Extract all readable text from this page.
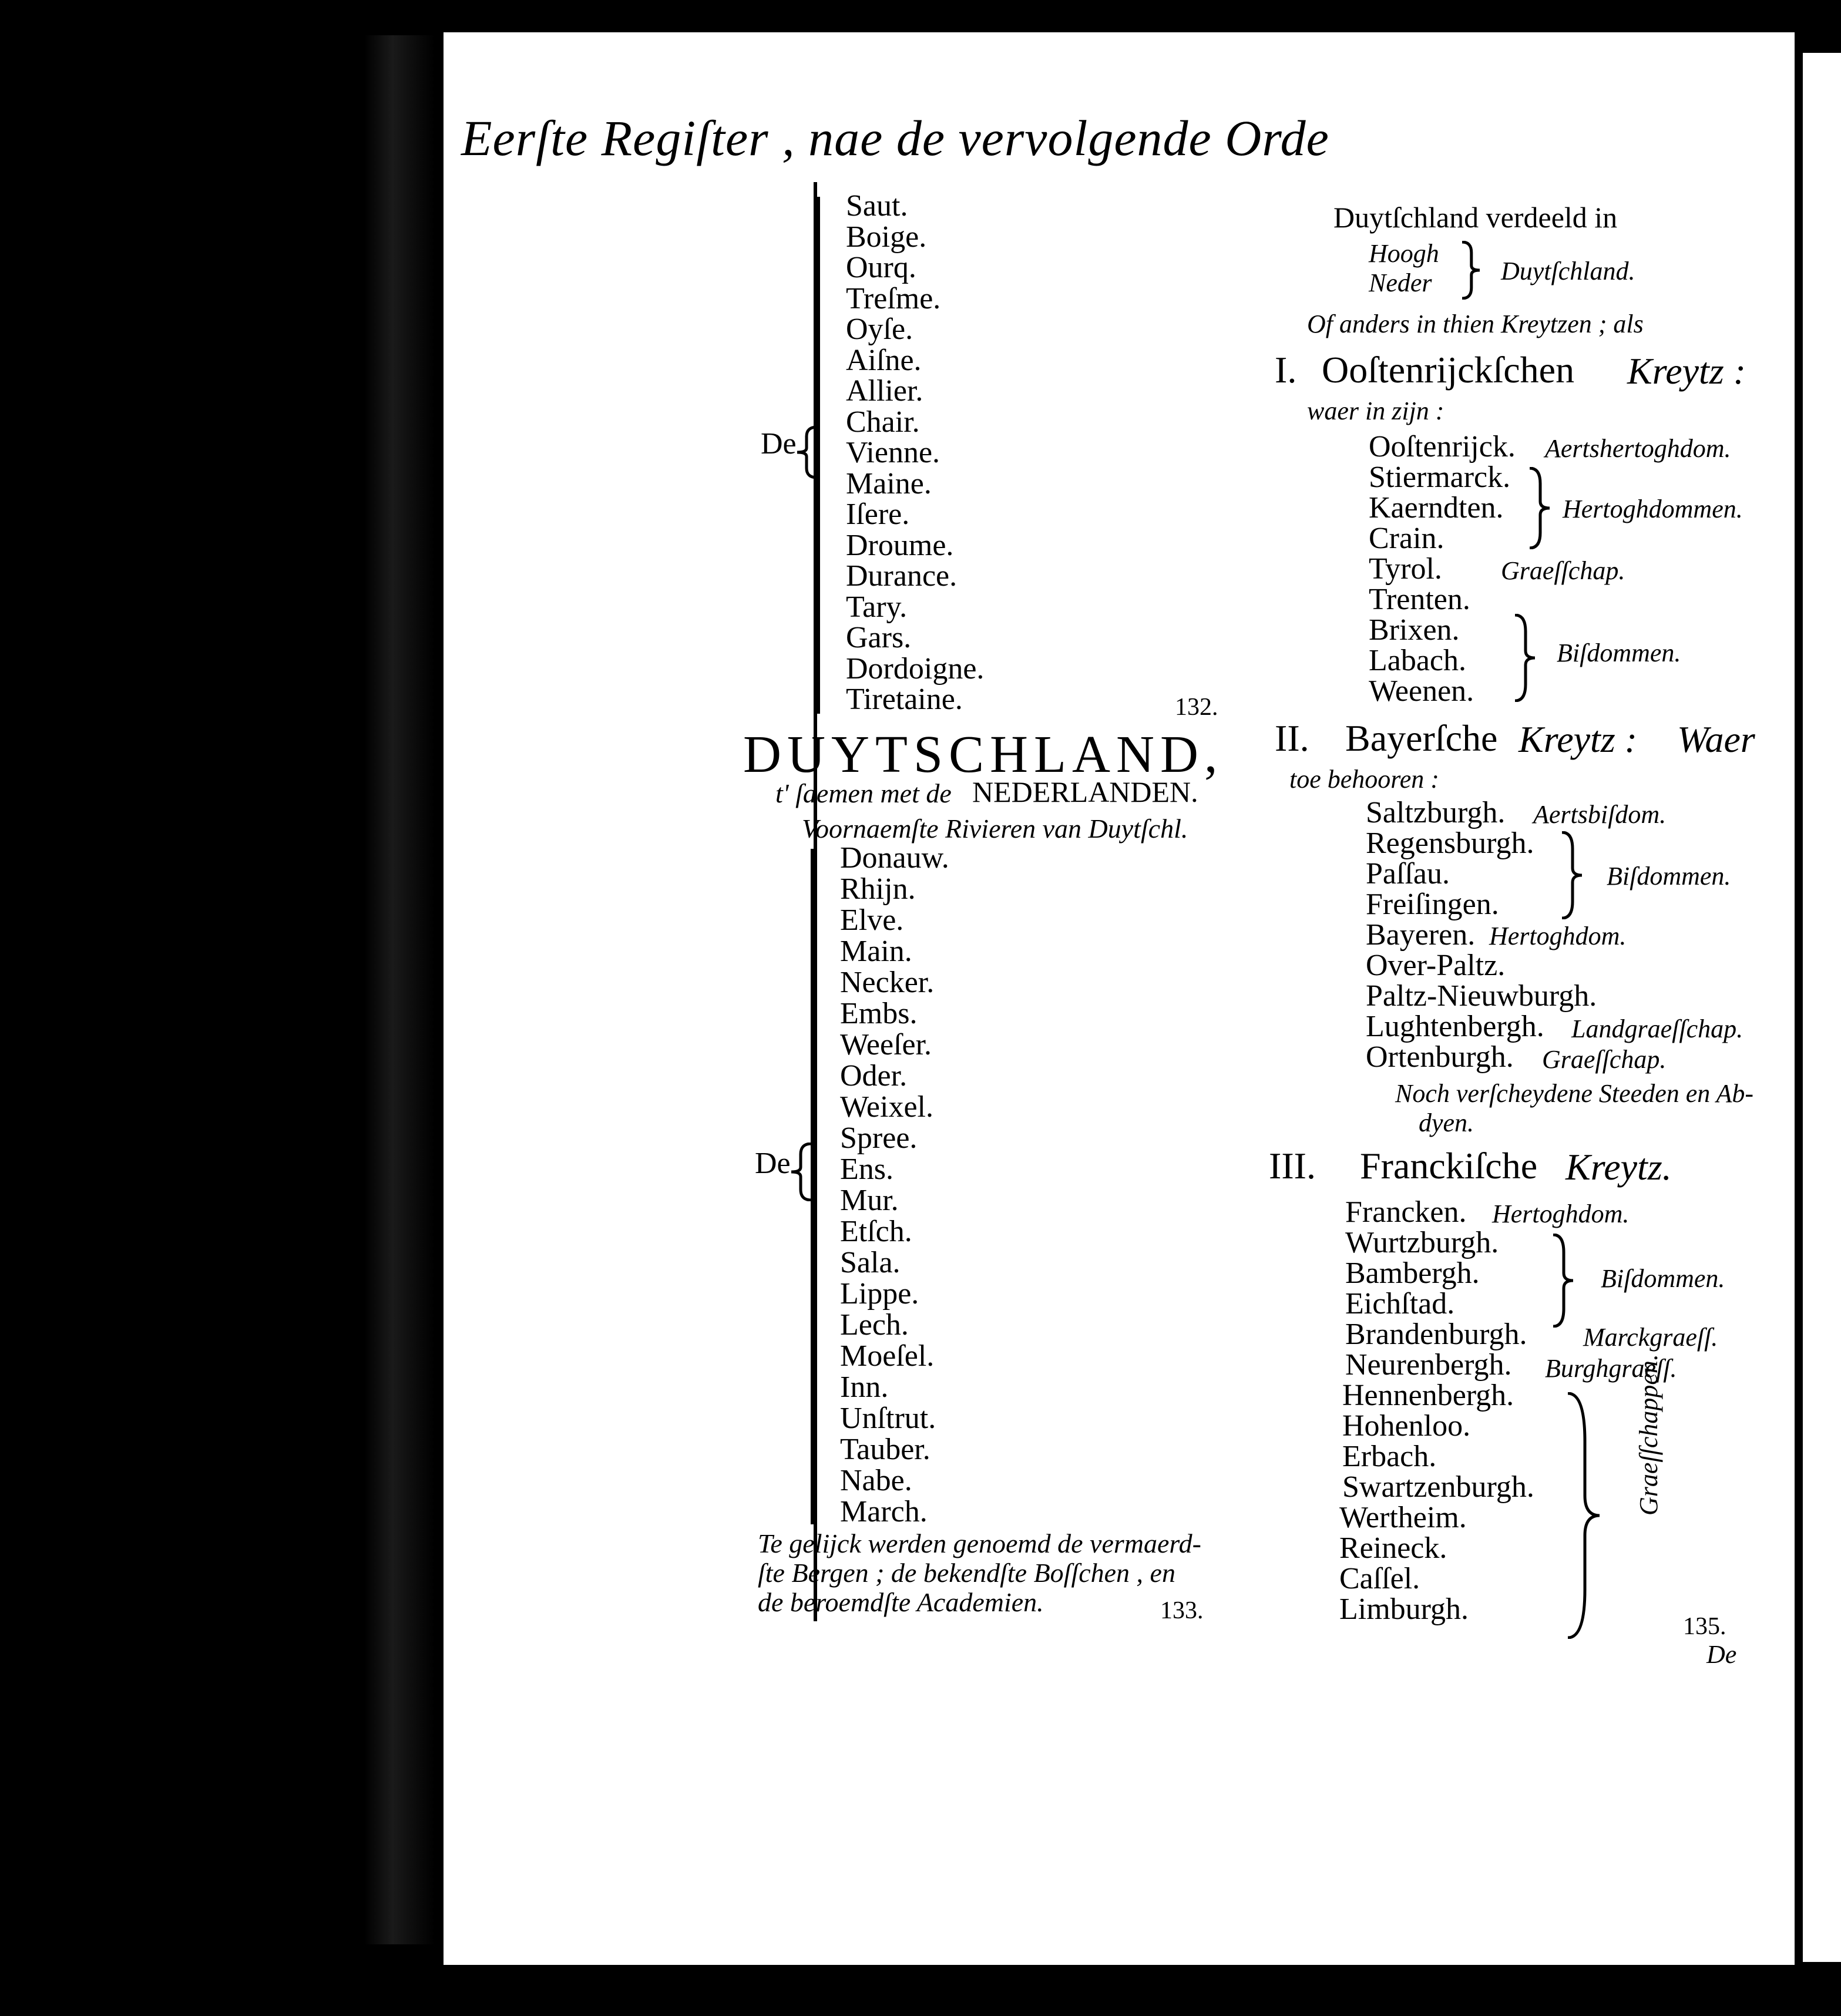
Eerſte Regiſter , nae de vervolgende Orde
Saut.
Boige.
Ourq.
Treſme.
Oyſe.
Aiſne.
Allier.
Chair.
Vienne.
Maine.
Iſere.
Droume.
Durance.
Tary.
Gars.
Dordoigne.
Tiretaine.
De
132.
DUYTSCHLAND,
t' ſaemen met de NEDERLANDEN.
Voornaemſte Rivieren van Duytſchl.
Donauw.
Rhijn.
Elve.
Main.
Necker.
Embs.
Weeſer.
Oder.
Weixel.
Spree.
Ens.
Mur.
Etſch.
Sala.
Lippe.
Lech.
Moeſel.
Inn.
Unſtrut.
Tauber.
Nabe.
March.
De
Te gelijck werden genoemd de vermaerd-
ſte Bergen ; de bekendſte Boſſchen , en
de beroemdſte Academien.	133.
Duytſchland verdeeld in
Hoogh
Neder	Duytſchland.
Of anders in thien Kreytzen ; als
I. Ooſtenrijckſchen Kreytz :
waer in zijn :
Ooſtenrijck.
Stiermarck.
Kaerndten.
Crain.
Tyrol.
Trenten.
Brixen.
Labach.
Weenen.
Aertshertoghdom.
Hertoghdommen.
Graeſſchap.
Biſdommen.
II. Bayerſche Kreytz : Waer
toe behooren :
Saltzburgh.
Regensburgh.
Paſſau.
Freiſingen.
Bayeren.
Over-Paltz.
Paltz-Nieuwburgh.
Lughtenbergh.
Ortenburgh.
Aertsbiſdom.
Biſdommen.
Hertoghdom.
Landgraeſſchap.
Graeſſchap.
Noch verſcheydene Steeden en Ab-
dyen.
III. Franckiſche Kreytz.
Francken.
Wurtzburgh.
Bambergh.
Eichſtad.
Brandenburgh.
Neurenbergh.
Hennenbergh.
Hohenloo.
Erbach.
Swartzenburgh.
Wertheim.
Reineck.
Caſſel.
Limburgh.
Hertoghdom.
Biſdommen.
Marckgraeſſ.
Burghgraeſſ.
Graeſſchappen.
135.
De
